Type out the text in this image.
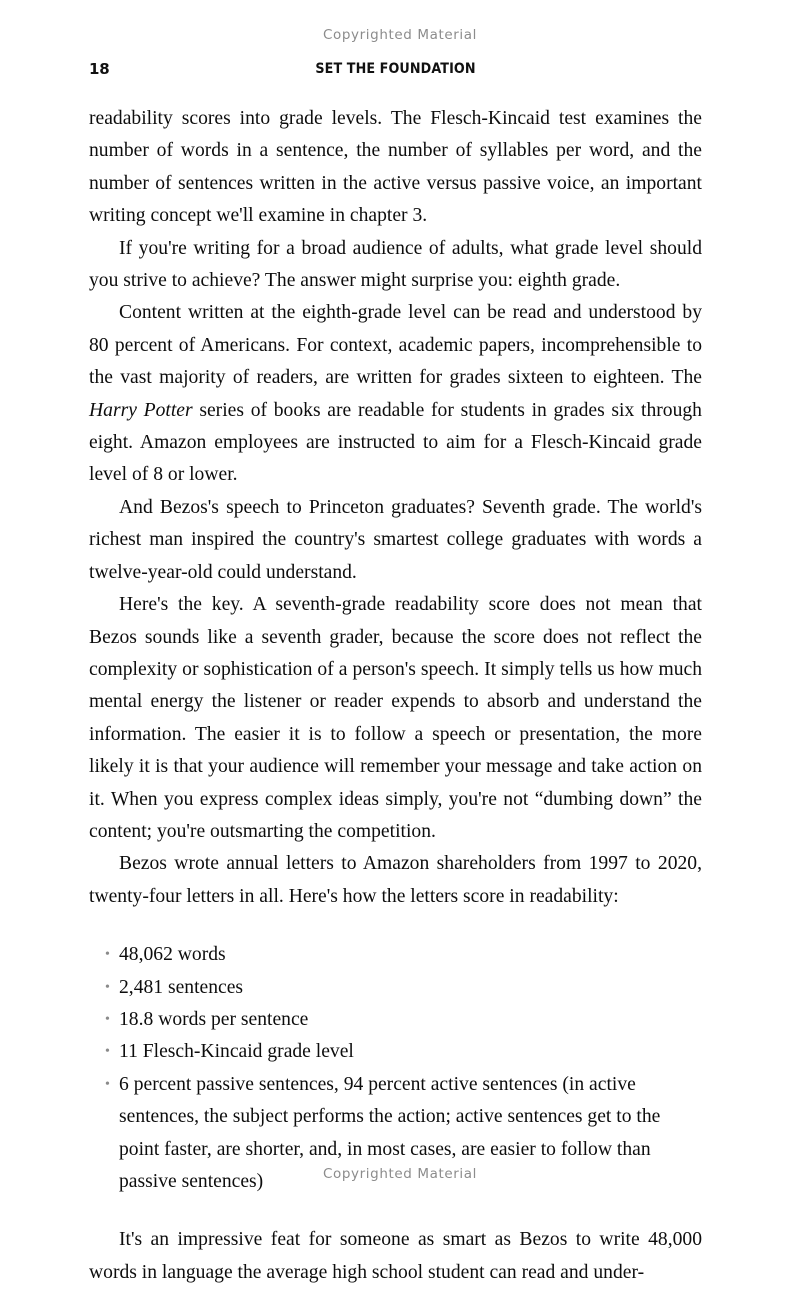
Copyrighted Material
18	SET THE FOUNDATION

readability scores into grade levels. The Flesch-Kincaid test examines the number of words in a sentence, the number of syllables per word, and the number of sentences written in the active versus passive voice, an important writing concept we'll examine in chapter 3.

If you're writing for a broad audience of adults, what grade level should you strive to achieve? The answer might surprise you: eighth grade.

Content written at the eighth-grade level can be read and understood by 80 percent of Americans. For context, academic papers, incomprehensible to the vast majority of readers, are written for grades sixteen to eighteen. The Harry Potter series of books are readable for students in grades six through eight. Amazon employees are instructed to aim for a Flesch-Kincaid grade level of 8 or lower.

And Bezos's speech to Princeton graduates? Seventh grade. The world's richest man inspired the country's smartest college graduates with words a twelve-year-old could understand.

Here's the key. A seventh-grade readability score does not mean that Bezos sounds like a seventh grader, because the score does not reflect the complexity or sophistication of a person's speech. It simply tells us how much mental energy the listener or reader expends to absorb and understand the information. The easier it is to follow a speech or presentation, the more likely it is that your audience will remember your message and take action on it. When you express complex ideas simply, you're not “dumbing down” the content; you're outsmarting the competition.

Bezos wrote annual letters to Amazon shareholders from 1997 to 2020, twenty-four letters in all. Here's how the letters score in readability:

• 48,062 words
• 2,481 sentences
• 18.8 words per sentence
• 11 Flesch-Kincaid grade level
• 6 percent passive sentences, 94 percent active sentences (in active sentences, the subject performs the action; active sentences get to the point faster, are shorter, and, in most cases, are easier to follow than passive sentences)

It's an impressive feat for someone as smart as Bezos to write 48,000 words in language the average high school student can read and under-

Copyrighted Material
